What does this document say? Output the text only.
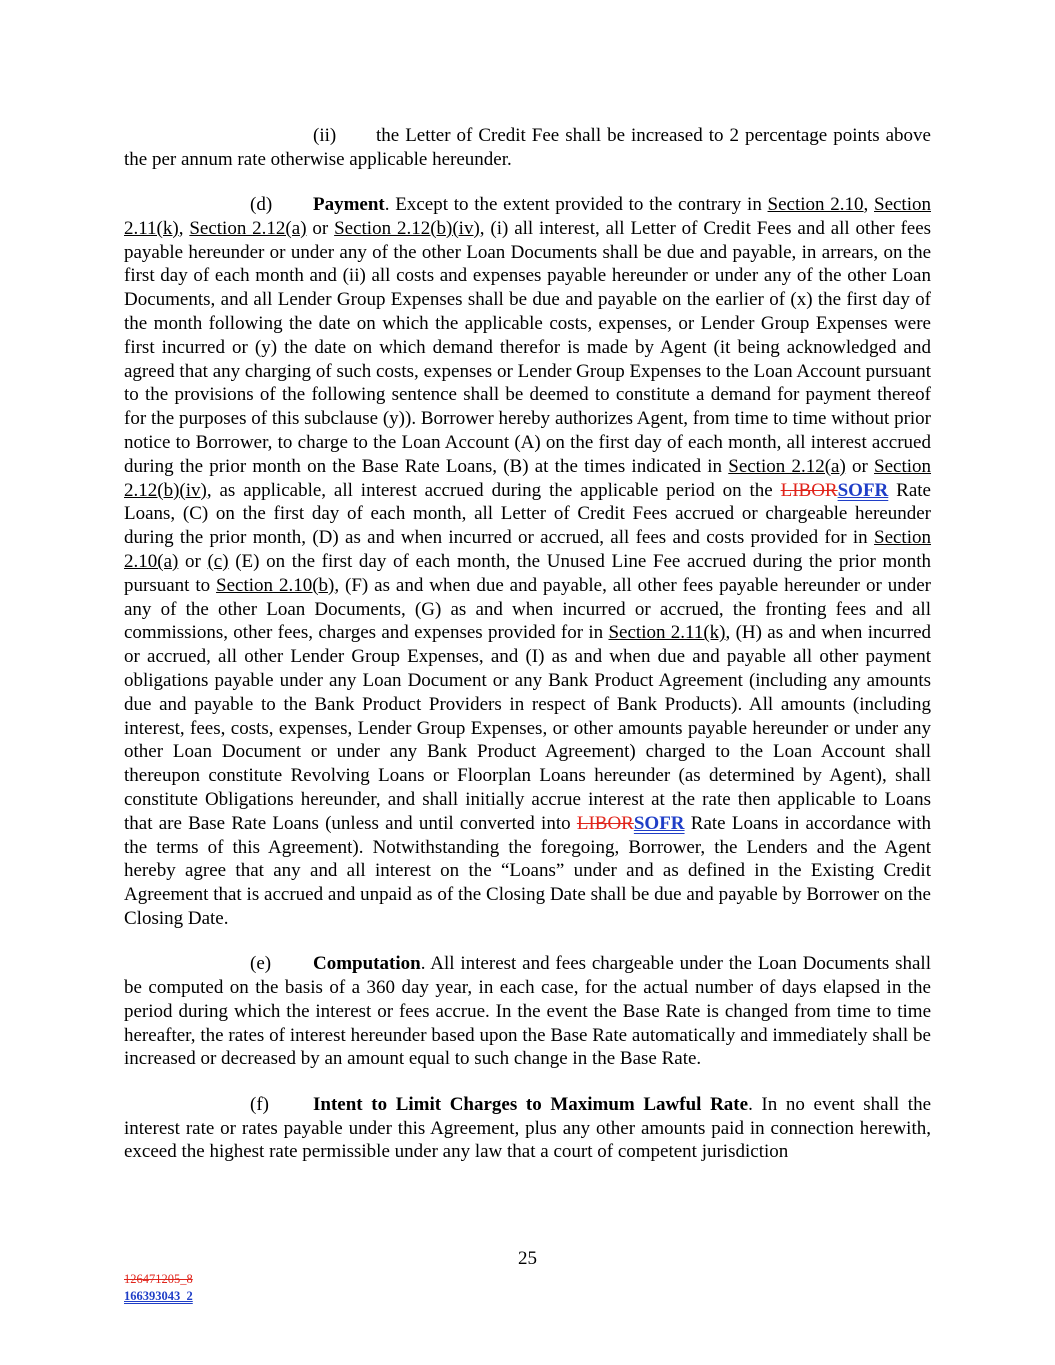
(ii) the Letter of Credit Fee shall be increased to 2 percentage points above the per annum rate otherwise applicable hereunder.

(d) Payment. Except to the extent provided to the contrary in Section 2.10, Section 2.11(k), Section 2.12(a) or Section 2.12(b)(iv), (i) all interest, all Letter of Credit Fees and all other fees payable hereunder or under any of the other Loan Documents shall be due and payable, in arrears, on the first day of each month and (ii) all costs and expenses payable hereunder or under any of the other Loan Documents, and all Lender Group Expenses shall be due and payable on the earlier of (x) the first day of the month following the date on which the applicable costs, expenses, or Lender Group Expenses were first incurred or (y) the date on which demand therefor is made by Agent (it being acknowledged and agreed that any charging of such costs, expenses or Lender Group Expenses to the Loan Account pursuant to the provisions of the following sentence shall be deemed to constitute a demand for payment thereof for the purposes of this subclause (y)). Borrower hereby authorizes Agent, from time to time without prior notice to Borrower, to charge to the Loan Account (A) on the first day of each month, all interest accrued during the prior month on the Base Rate Loans, (B) at the times indicated in Section 2.12(a) or Section 2.12(b)(iv), as applicable, all interest accrued during the applicable period on the LIBORSOFR Rate Loans, (C) on the first day of each month, all Letter of Credit Fees accrued or chargeable hereunder during the prior month, (D) as and when incurred or accrued, all fees and costs provided for in Section 2.10(a) or (c) (E) on the first day of each month, the Unused Line Fee accrued during the prior month pursuant to Section 2.10(b), (F) as and when due and payable, all other fees payable hereunder or under any of the other Loan Documents, (G) as and when incurred or accrued, the fronting fees and all commissions, other fees, charges and expenses provided for in Section 2.11(k), (H) as and when incurred or accrued, all other Lender Group Expenses, and (I) as and when due and payable all other payment obligations payable under any Loan Document or any Bank Product Agreement (including any amounts due and payable to the Bank Product Providers in respect of Bank Products). All amounts (including interest, fees, costs, expenses, Lender Group Expenses, or other amounts payable hereunder or under any other Loan Document or under any Bank Product Agreement) charged to the Loan Account shall thereupon constitute Revolving Loans or Floorplan Loans hereunder (as determined by Agent), shall constitute Obligations hereunder, and shall initially accrue interest at the rate then applicable to Loans that are Base Rate Loans (unless and until converted into LIBORSOFR Rate Loans in accordance with the terms of this Agreement). Notwithstanding the foregoing, Borrower, the Lenders and the Agent hereby agree that any and all interest on the “Loans” under and as defined in the Existing Credit Agreement that is accrued and unpaid as of the Closing Date shall be due and payable by Borrower on the Closing Date.

(e) Computation. All interest and fees chargeable under the Loan Documents shall be computed on the basis of a 360 day year, in each case, for the actual number of days elapsed in the period during which the interest or fees accrue. In the event the Base Rate is changed from time to time hereafter, the rates of interest hereunder based upon the Base Rate automatically and immediately shall be increased or decreased by an amount equal to such change in the Base Rate.

(f) Intent to Limit Charges to Maximum Lawful Rate. In no event shall the interest rate or rates payable under this Agreement, plus any other amounts paid in connection herewith, exceed the highest rate permissible under any law that a court of competent jurisdiction

25
126471205_8
166393043_2
